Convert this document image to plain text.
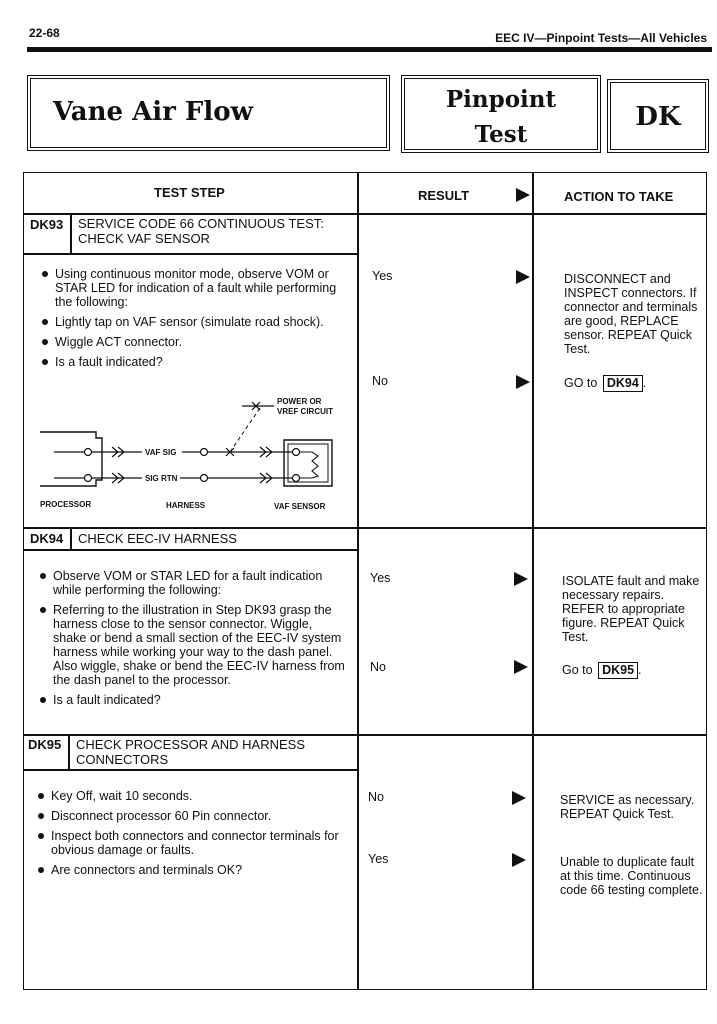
22-68	EEC IV—Pinpoint Tests—All Vehicles
Vane Air Flow	Pinpoint
Test
DK
TEST STEP	RESULT	ACTION TO TAKE
DK93 SERVICE CODE 66 CONTINUOUS TEST: CHECK VAF SENSOR
Using continuous monitor mode, observe VOM or STAR LED for indication of a fault while performing the following:
Lightly tap on VAF sensor (simulate road shock).
Wiggle ACT connector.
Is a fault indicated?
Yes	DISCONNECT and INSPECT connectors. If connector and terminals are good, REPLACE sensor. REPEAT Quick Test.
No	GO to DK94 .
POWER OR
VREF CIRCUIT
VAF SIG
SIG RTN
PROCESSOR	HARNESS	VAF SENSOR
DK94 CHECK EEC-IV HARNESS
Observe VOM or STAR LED for a fault indication while performing the following:
Referring to the illustration in Step DK93 grasp the harness close to the sensor connector. Wiggle, shake or bend a small section of the EEC-IV system harness while working your way to the dash panel. Also wiggle, shake or bend the EEC-IV harness from the dash panel to the processor.
Is a fault indicated?
Yes	ISOLATE fault and make necessary repairs. REFER to appropriate figure. REPEAT Quick Test.
No	Go to DK95 .
DK95 CHECK PROCESSOR AND HARNESS CONNECTORS
Key Off, wait 10 seconds.
Disconnect processor 60 Pin connector.
Inspect both connectors and connector terminals for obvious damage or faults.
Are connectors and terminals OK?
No	SERVICE as necessary. REPEAT Quick Test.
Yes	Unable to duplicate fault at this time. Continuous code 66 testing complete.
